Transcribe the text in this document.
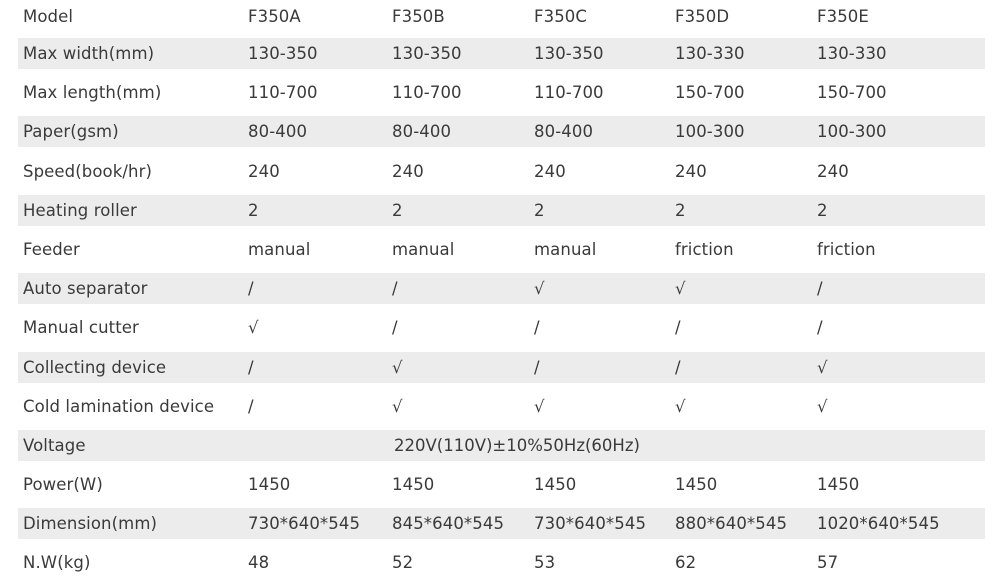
Model	F350A	F350B	F350C	F350D	F350E
Max width(mm)	130-350	130-350	130-350	130-330	130-330
Max length(mm)	110-700	110-700	110-700	150-700	150-700
Paper(gsm)	80-400	80-400	80-400	100-300	100-300
Speed(book/hr)	240	240	240	240	240
Heating roller	2	2	2	2	2
Feeder	manual	manual	manual	friction	friction
Auto separator	/	/	√	√	/
Manual cutter	√	/	/	/	/
Collecting device	/	√	/	/	√
Cold lamination device /	√	√	√	√
Voltage	220V(110V)±10%50Hz(60Hz)
Power(W)	1450	1450	1450	1450	1450
Dimension(mm)	730*640*545 845*640*545 730*640*545 880*640*545 1020*640*545
N.W(kg)	48	52	53	62	57
